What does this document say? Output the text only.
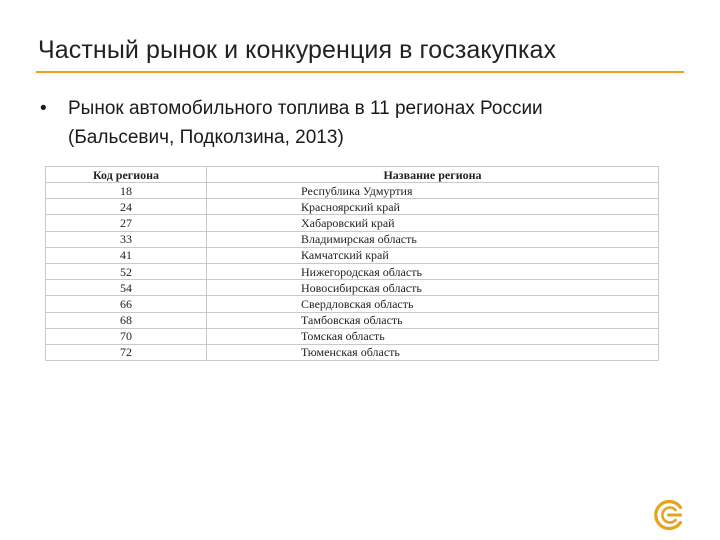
Частный рынок и конкуренция в госзакупках
•	Рынок автомобильного топлива в 11 регионах России
(Бальсевич, Подколзина, 2013)
Код региона	Название региона
18	Республика Удмуртия
24	Красноярский край
27	Хабаровский край
33	Владимирская область
41	Камчатский край
52	Нижегородская область
54	Новосибирская область
66	Свердловская область
68	Тамбовская область
70	Томская область
72	Тюменская область
